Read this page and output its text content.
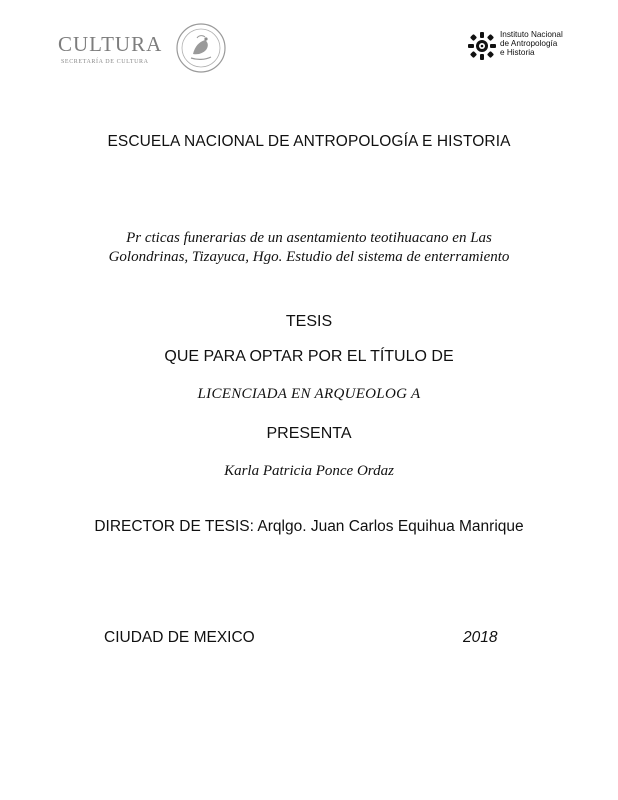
CULTURA
SECRETARÍA DE CULTURA
Instituto Nacional
de Antropología
e Historia
ESCUELA NACIONAL DE ANTROPOLOGÍA E HISTORIA
Pr cticas funerarias de un asentamiento teotihuacano en Las Golondrinas, Tizayuca, Hgo. Estudio del sistema de enterramiento
TESIS
QUE PARA OPTAR POR EL TÍTULO DE
LICENCIADA EN ARQUEOLOG A
PRESENTA
Karla Patricia Ponce Ordaz
DIRECTOR DE TESIS: Arqlgo. Juan Carlos Equihua Manrique
CIUDAD DE MEXICO	2018
